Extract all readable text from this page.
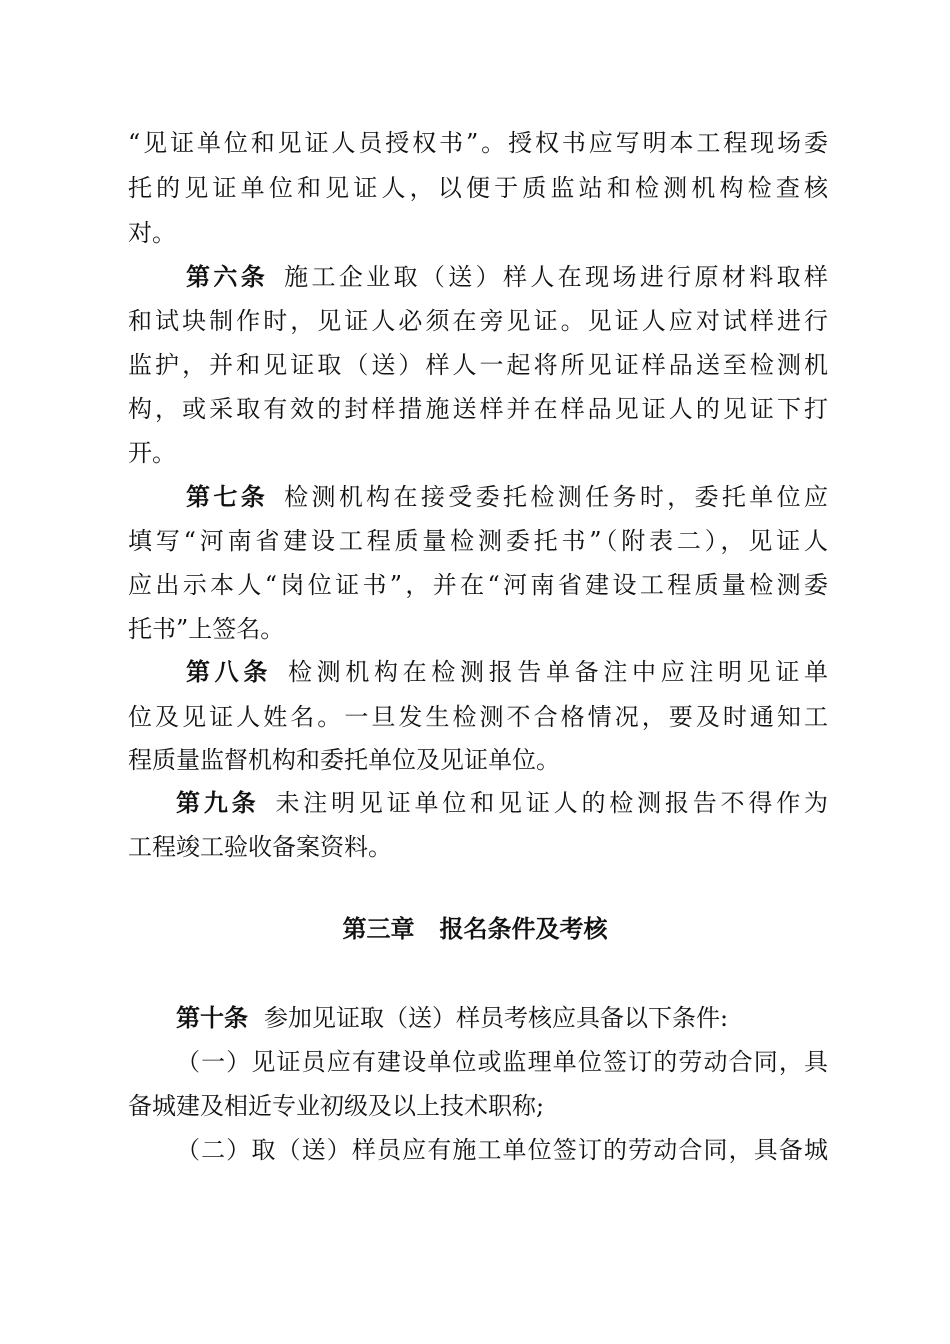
“见证单位和见证人员授权书”。授权书应写明本工程现场委
托的见证单位和见证人，以便于质监站和检测机构检查核
对。
第六条 施工企业取（送）样人在现场进行原材料取样
和试块制作时，见证人必须在旁见证。见证人应对试样进行
监护，并和见证取（送）样人一起将所见证样品送至检测机
构，或采取有效的封样措施送样并在样品见证人的见证下打
开。
第七条 检测机构在接受委托检测任务时，委托单位应
填写“河南省建设工程质量检测委托书”（附表二），见证人
应出示本人“岗位证书”，并在“河南省建设工程质量检测委
托书”上签名。
第八条 检测机构在检测报告单备注中应注明见证单
位及见证人姓名。一旦发生检测不合格情况，要及时通知工
程质量监督机构和委托单位及见证单位。
第九条 未注明见证单位和见证人的检测报告不得作为
工程竣工验收备案资料。
第三章   报名条件及考核
第十条 参加见证取（送）样员考核应具备以下条件:
（一）见证员应有建设单位或监理单位签订的劳动合同，具
备城建及相近专业初级及以上技术职称;
（二）取（送）样员应有施工单位签订的劳动合同，具备城
